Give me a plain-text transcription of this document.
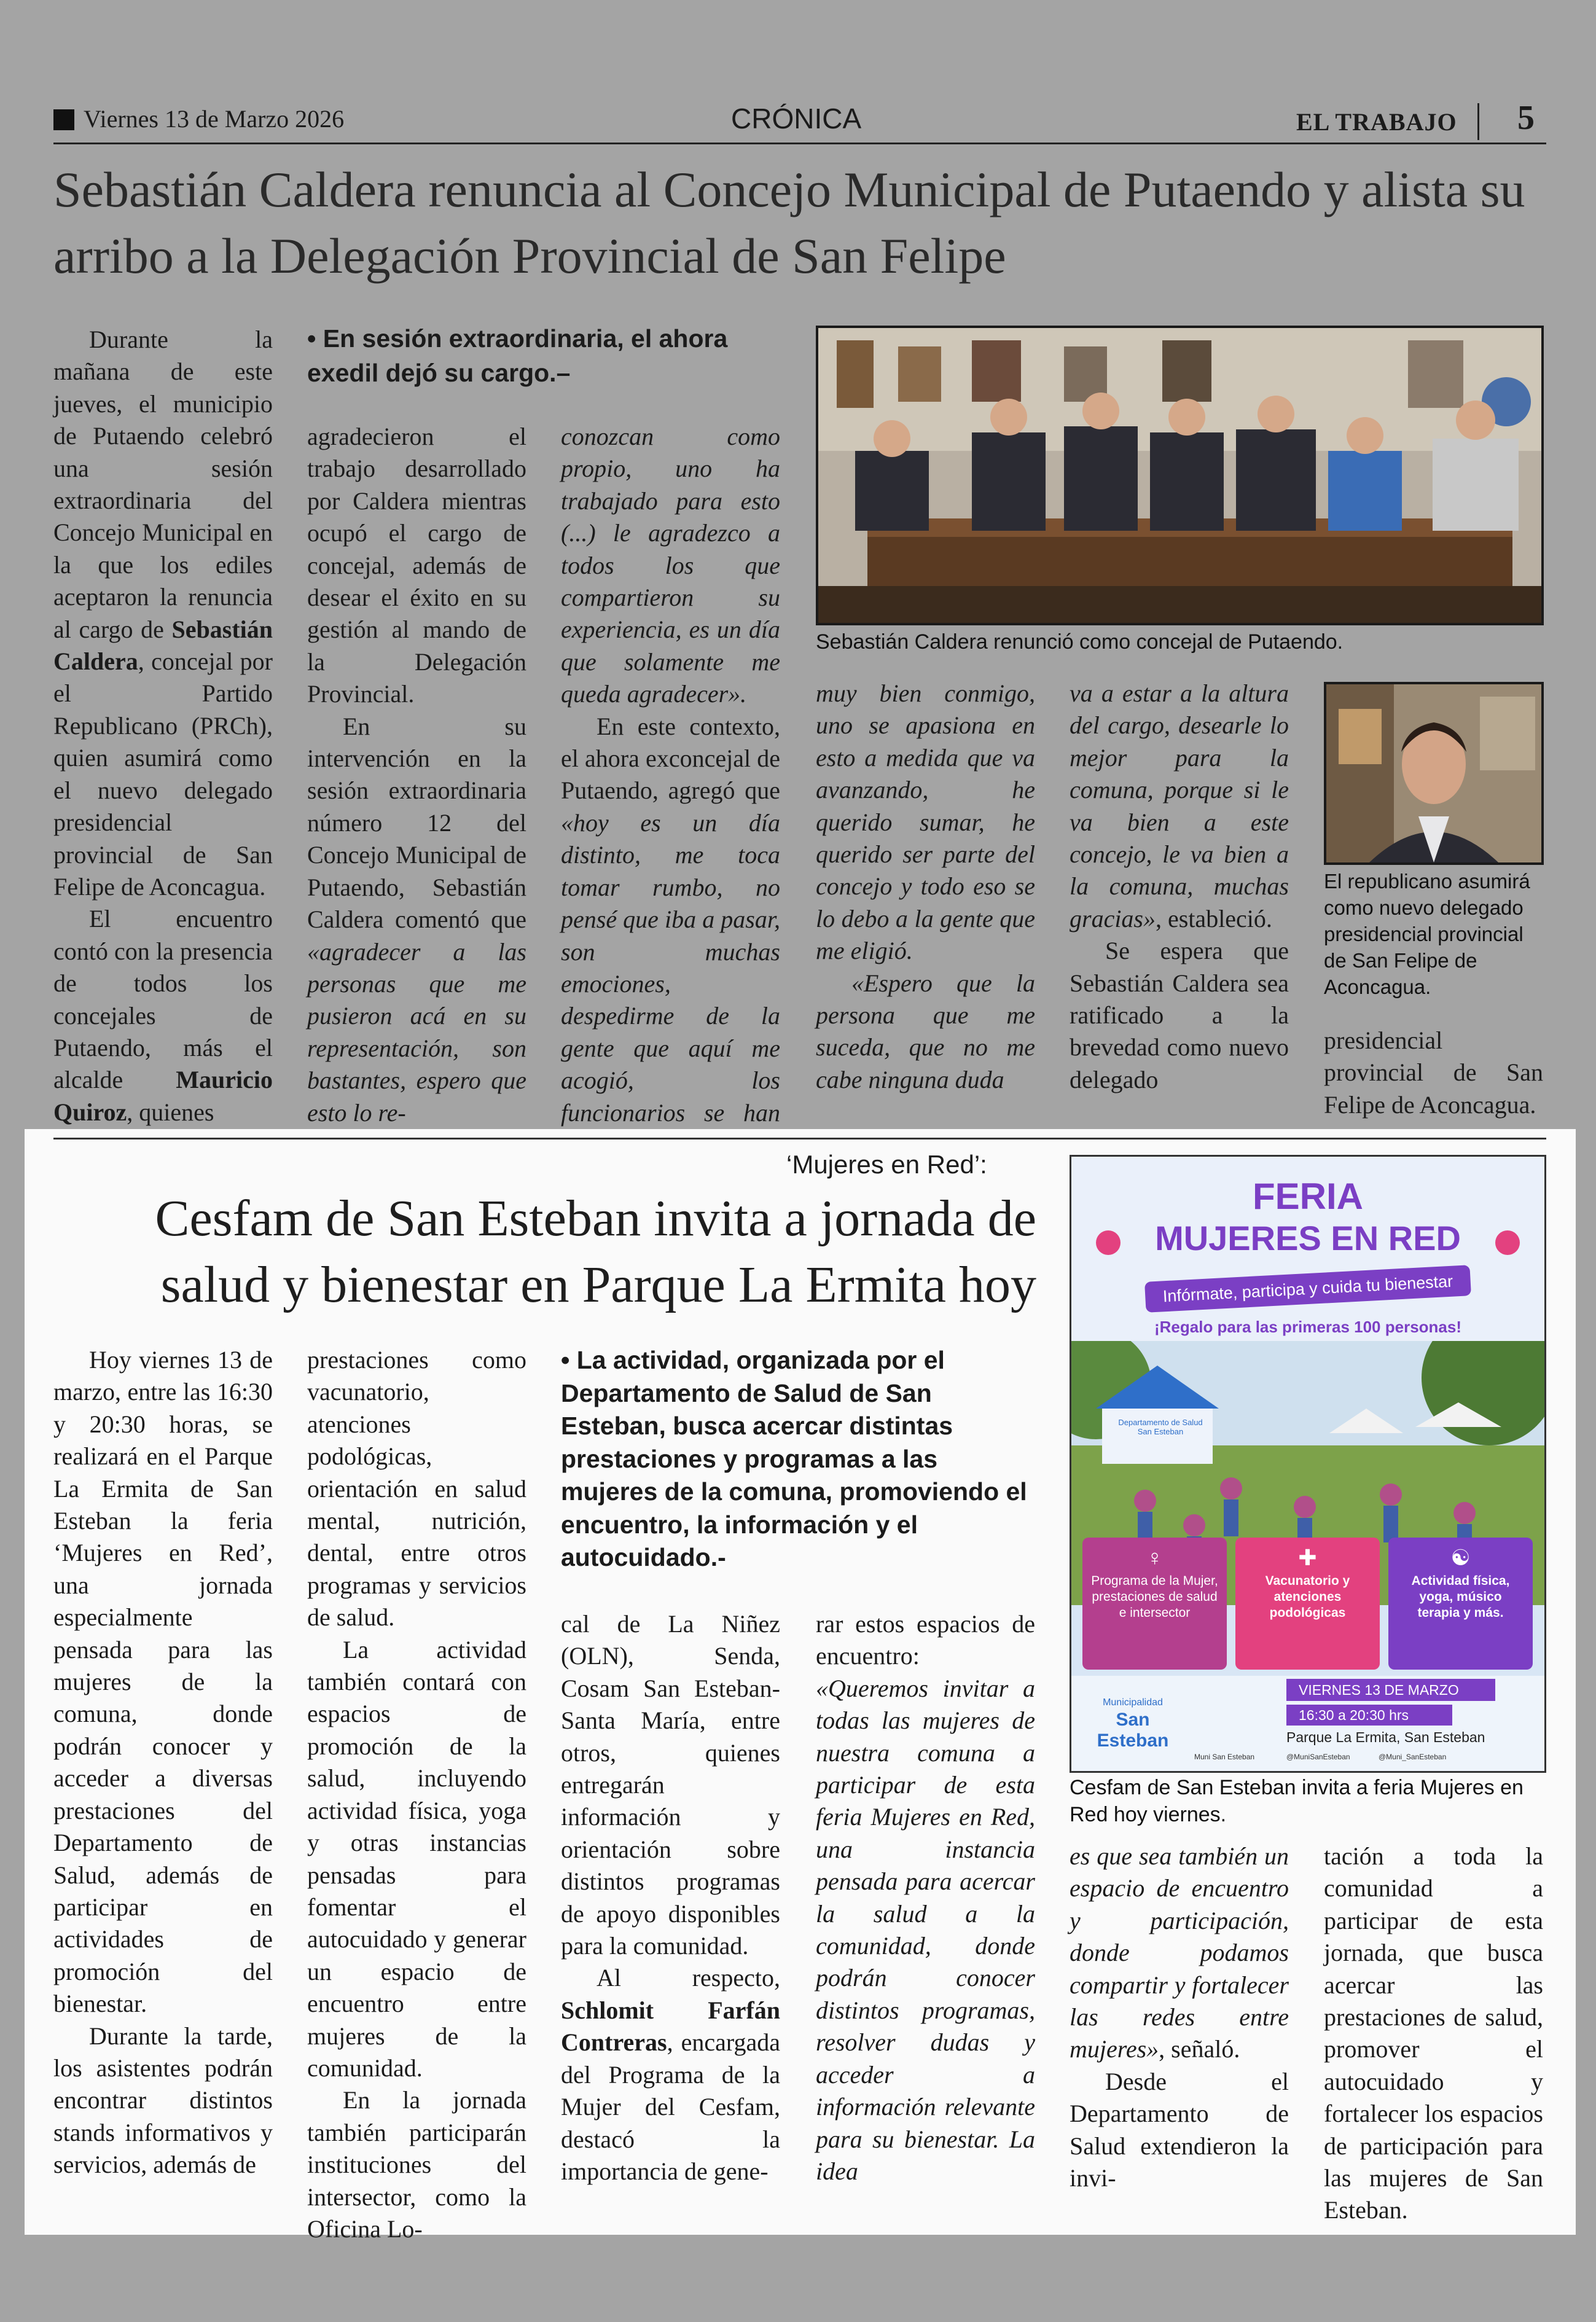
Viernes 13 de Marzo 2026	CRÓNICA	EL TRABAJO 5
Sebastián Caldera renuncia al Concejo Municipal de Putaendo y alista su arribo a la Delegación Provincial de San Felipe

Durante la mañana de este jueves, el municipio de Putaendo celebró una sesión extraordinaria del Concejo Municipal en la que los ediles aceptaron la renuncia al cargo de Sebastián Caldera, concejal por el Partido Republicano (PRCh), quien asumirá como el nuevo delegado presidencial provincial de San Felipe de Aconcagua.

El encuentro contó con la presencia de todos los concejales de Putaendo, más el alcalde Mauricio Quiroz, quienes

• En sesión extraordinaria, el ahora exedil dejó su cargo.–

agradecieron el trabajo desarrollado por Caldera mientras ocupó el cargo de concejal, además de desear el éxito en su gestión al mando de la Delegación Provincial.

En su intervención en la sesión extraordinaria número 12 del Concejo Municipal de Putaendo, Sebastián Caldera comentó que «agradecer a las personas que me pusieron acá en su representación, son bastantes, espero que esto lo re-

conozcan como propio, uno ha trabajado para esto (...) le agradezco a todos los que compartieron su experiencia, es un día que solamente me queda agradecer».

En este contexto, el ahora exconcejal de Putaendo, agregó que «hoy es un día distinto, me toca tomar rumbo, no pensé que iba a pasar, son muchas emociones, despedirme de la gente que aquí me acogió, los funcionarios se han

Sebastián Caldera renunció como concejal de Putaendo.

muy bien conmigo, uno se apasiona en esto a medida que va avanzando, he querido sumar, he querido ser parte del concejo y todo eso se lo debo a la gente que me eligió.

«Espero que la persona que me suceda, que no me cabe ninguna duda

va a estar a la altura del cargo, desearle lo mejor para la comuna, porque si le va bien a este concejo, le va bien a la comuna, muchas gracias», estableció.

Se espera que Sebastián Caldera sea ratificado a la brevedad como nuevo delegado

El republicano asumirá como nuevo delegado presidencial provincial de San Felipe de Aconcagua.

presidencial provincial de San Felipe de Aconcagua.

‘Mujeres en Red’:
Cesfam de San Esteban invita a jornada de salud y bienestar en Parque La Ermita hoy

Hoy viernes 13 de marzo, entre las 16:30 y 20:30 horas, se realizará en el Parque La Ermita de San Esteban la feria ‘Mujeres en Red’, una jornada especialmente pensada para las mujeres de la comuna, donde podrán conocer y acceder a diversas prestaciones del Departamento de Salud, además de participar en actividades de promoción del bienestar.

Durante la tarde, los asistentes podrán encontrar distintos stands informativos y servicios, además de

prestaciones como vacunatorio, atenciones podológicas, orientación en salud mental, nutrición, dental, entre otros programas y servicios de salud.

La actividad también contará con espacios de promoción de la salud, incluyendo actividad física, yoga y otras instancias pensadas para fomentar el autocuidado y generar un espacio de encuentro entre mujeres de la comunidad.

En la jornada también participarán instituciones del intersector, como la Oficina Lo-

• La actividad, organizada por el Departamento de Salud de San Esteban, busca acercar distintas prestaciones y programas a las mujeres de la comuna, promoviendo el encuentro, la información y el autocuidado.-

cal de La Niñez (OLN), Senda, Cosam San Esteban-Santa María, entre otros, quienes entregarán información y orientación sobre distintos programas de apoyo disponibles para la comunidad.

Al respecto, Schlomit Farfán Contreras, encargada del Programa de la Mujer del Cesfam, destacó la importancia de gene-

rar estos espacios de encuentro: «Queremos invitar a todas las mujeres de nuestra comuna a participar de esta feria Mujeres en Red, una instancia pensada para acercar la salud a la comunidad, donde podrán conocer distintos programas, resolver dudas y acceder a información relevante para su bienestar. La idea

FERIA
MUJERES EN RED
Infórmate, participa y cuida tu bienestar
¡Regalo para las primeras 100 personas!
Departamento de Salud San Esteban
♀
Programa de la Mujer, prestaciones de salud e intersector
✚
Vacunatorio y atenciones podológicas
☯
Actividad física, yoga, músico terapia y más.
Municipalidad
San Esteban
VIERNES 13 DE MARZO
16:30 a 20:30 hrs
Parque La Ermita, San Esteban
Muni San Esteban	@MuniSanEsteban	@Muni_SanEsteban
Cesfam de San Esteban invita a feria Mujeres en Red hoy viernes.

es que sea también un espacio de encuentro y participación, donde podamos compartir y fortalecer las redes entre mujeres», señaló.

Desde el Departamento de Salud extendieron la invi-

tación a toda la comunidad a participar de esta jornada, que busca acercar las prestaciones de salud, promover el autocuidado y fortalecer los espacios de participación para las mujeres de San Esteban.
